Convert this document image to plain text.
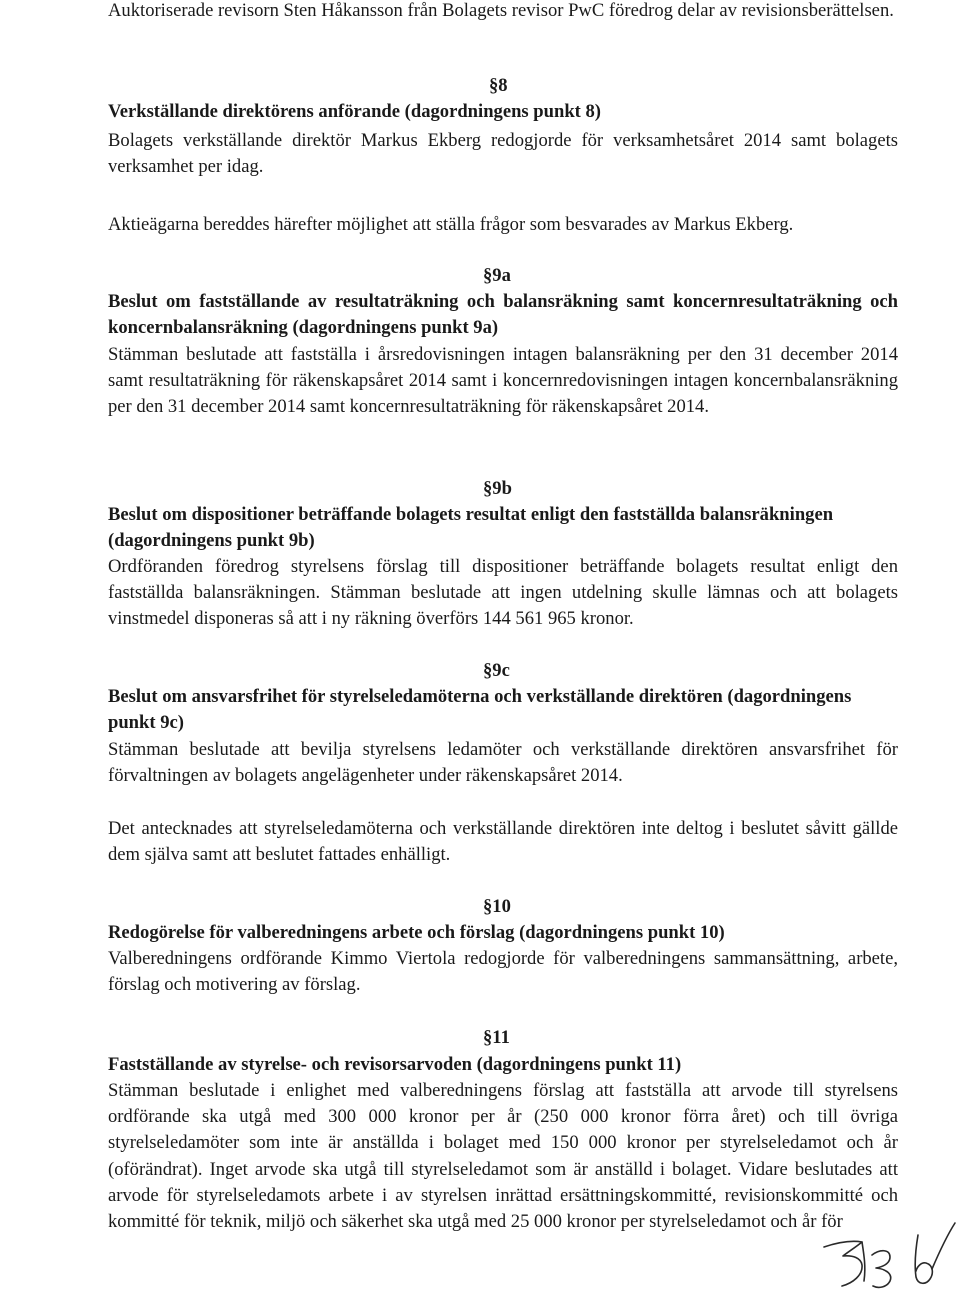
Auktoriserade revisorn Sten Håkansson från Bolagets revisor PwC föredrog delar av revisionsberättelsen.

§8

Verkställande direktörens anförande (dagordningens punkt 8)

Bolagets verkställande direktör Markus Ekberg redogjorde för verksamhetsåret 2014 samt bolagets verksamhet per idag.

Aktieägarna bereddes härefter möjlighet att ställa frågor som besvarades av Markus Ekberg.

§9a

Beslut om fastställande av resultaträkning och balansräkning samt koncernresultaträkning och koncernbalansräkning (dagordningens punkt 9a)

Stämman beslutade att fastställa i årsredovisningen intagen balansräkning per den 31 december 2014 samt resultaträkning för räkenskapsåret 2014 samt i koncernredovisningen intagen koncernbalansräkning per den 31 december 2014 samt koncernresultaträkning för räkenskapsåret 2014.

§9b

Beslut om dispositioner beträffande bolagets resultat enligt den fastställda balansräkningen (dagordningens punkt 9b)

Ordföranden föredrog styrelsens förslag till dispositioner beträffande bolagets resultat enligt den fastställda balansräkningen. Stämman beslutade att ingen utdelning skulle lämnas och att bolagets vinstmedel disponeras så att i ny räkning överförs 144 561 965 kronor.

§9c

Beslut om ansvarsfrihet för styrelseledamöterna och verkställande direktören (dagordningens punkt 9c)

Stämman beslutade att bevilja styrelsens ledamöter och verkställande direktören ansvarsfrihet för förvaltningen av bolagets angelägenheter under räkenskapsåret 2014.

Det antecknades att styrelseledamöterna och verkställande direktören inte deltog i beslutet såvitt gällde dem själva samt att beslutet fattades enhälligt.

§10

Redogörelse för valberedningens arbete och förslag (dagordningens punkt 10)

Valberedningens ordförande Kimmo Viertola redogjorde för valberedningens sammansättning, arbete, förslag och motivering av förslag.

§11

Fastställande av styrelse- och revisorsarvoden (dagordningens punkt 11)

Stämman beslutade i enlighet med valberedningens förslag att fastställa att arvode till styrelsens ordförande ska utgå med 300 000 kronor per år (250 000 kronor förra året) och till övriga styrelseledamöter som inte är anställda i bolaget med 150 000 kronor per styrelseledamot och år (oförändrat). Inget arvode ska utgå till styrelseledamot som är anställd i bolaget. Vidare beslutades att arvode för styrelseledamots arbete i av styrelsen inrättad ersättningskommitté, revisionskommitté och kommitté för teknik, miljö och säkerhet ska utgå med 25 000 kronor per styrelseledamot och år för
